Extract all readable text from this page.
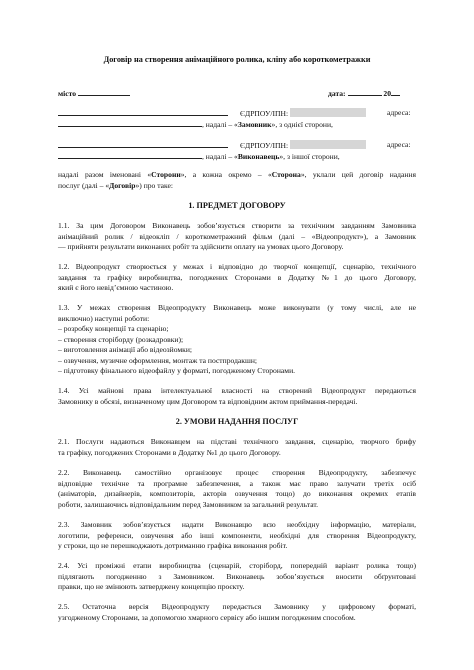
Договір на створення анімаційного ролика, кліпу або короткометражки
місто	дата:	20
ЄДРПОУ/ІПН:	адреса:
, надалі – «Замовник», з однієї сторони,
ЄДРПОУ/ІПН:	адреса:
, надалі – «Виконавець», з іншої сторони,
надалі разом іменовані «Сторони», а кожна окремо – «Сторона», уклали цей договір надання
послуг (далі – «Договір») про таке:
1. ПРЕДМЕТ ДОГОВОРУ
1.1. За цим Договором Виконавець зобов’язується створити за технічним завданням Замовника
анімаційний ролик / відеокліп / короткометражний фільм (далі – «Відеопродукт»), а Замовник
— прийняти результати виконаних робіт та здійснити оплату на умовах цього Договору.
1.2. Відеопродукт створюється у межах і відповідно до творчої концепції, сценарію, технічного
завдання та графіку виробництва, погоджених Сторонами в Додатку №1 до цього Договору,
який є його невід’ємною частиною.
1.3. У межах створення Відеопродукту Виконавець може виконувати (у тому числі, але не
виключно) наступні роботи:
– розробку концепції та сценарію;
– створення сторіборду (розкадровки);
– виготовлення анімації або відеозйомки;
– озвучення, музичне оформлення, монтаж та постпродакшн;
– підготовку фінального відеофайлу у форматі, погодженому Сторонами.
1.4. Усі майнові права інтелектуальної власності на створений Відеопродукт передаються
Замовнику в обсязі, визначеному цим Договором та відповідним актом приймання-передачі.
2. УМОВИ НАДАННЯ ПОСЛУГ
2.1. Послуги надаються Виконавцем на підставі технічного завдання, сценарію, творчого брифу
та графіку, погоджених Сторонами в Додатку №1 до цього Договору.
2.2. Виконавець самостійно організовує процес створення Відеопродукту, забезпечує
відповідне технічне та програмне забезпечення, а також має право залучати третіх осіб
(аніматорів, дизайнерів, композиторів, акторів озвучення тощо) до виконання окремих етапів
роботи, залишаючись відповідальним перед Замовником за загальний результат.
2.3. Замовник зобов’язується надати Виконавцю всю необхідну інформацію, матеріали,
логотипи, референси, озвучення або інші компоненти, необхідні для створення Відеопродукту,
у строки, що не перешкоджають дотриманню графіка виконання робіт.
2.4. Усі проміжні етапи виробництва (сценарій, сторіборд, попередній варіант ролика тощо)
підлягають погодженню з Замовником. Виконавець зобов’язується вносити обґрунтовані
правки, що не змінюють затверджену концепцію проєкту.
2.5. Остаточна версія Відеопродукту передається Замовнику у цифровому форматі,
узгодженому Сторонами, за допомогою хмарного сервісу або іншим погодженим способом.
